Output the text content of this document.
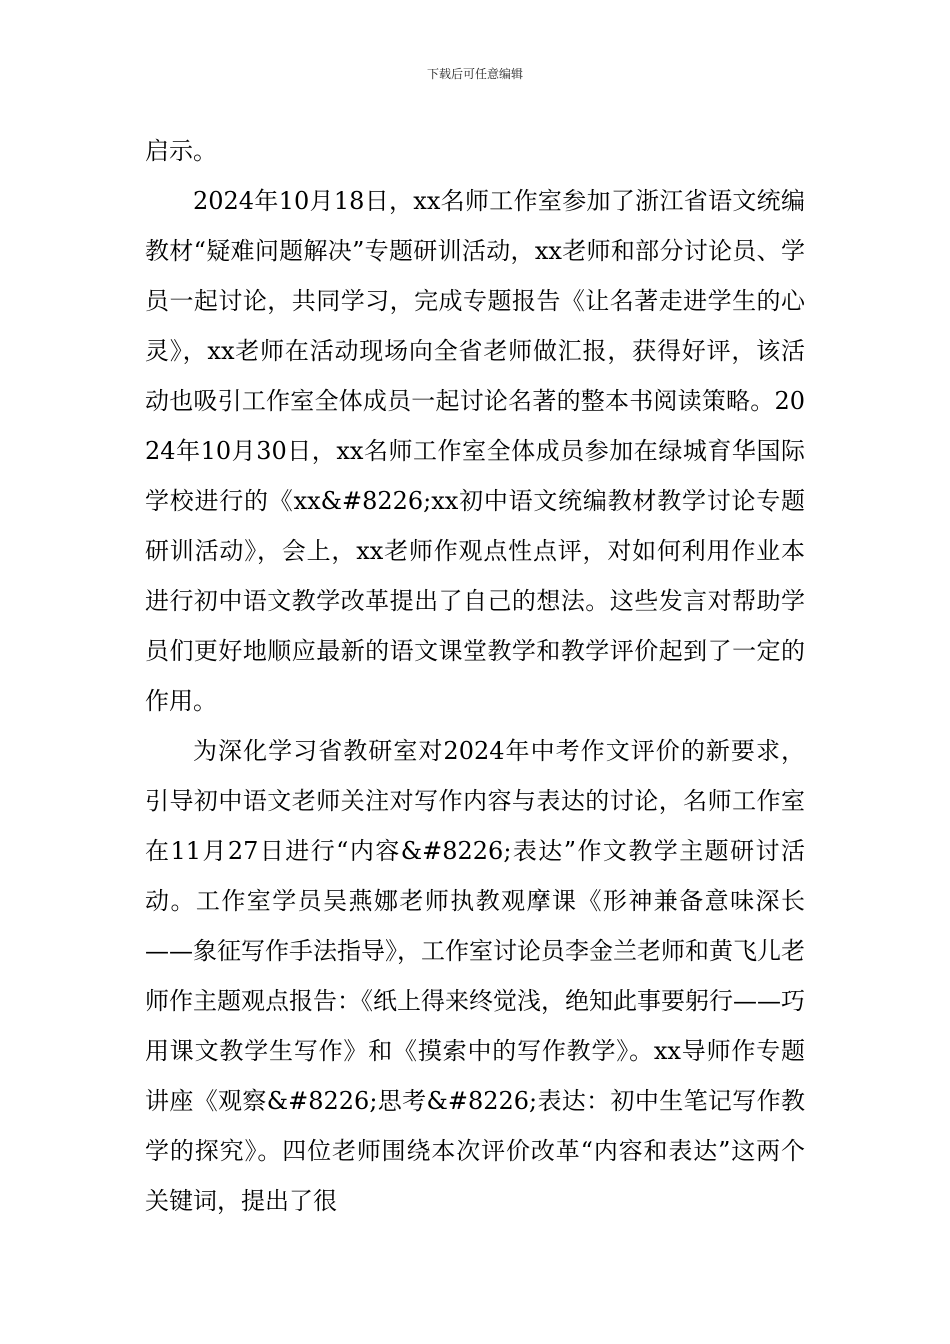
下载后可任意编辑

启示。

2024年10月18日，xx名师工作室参加了浙江省语文统编教材“疑难问题解决”专题研训活动，xx老师和部分讨论员、学员一起讨论，共同学习，完成专题报告《让名著走进学生的心灵》，xx老师在活动现场向全省老师做汇报，获得好评，该活动也吸引工作室全体成员一起讨论名著的整本书阅读策略。2024年10月30日，xx名师工作室全体成员参加在绿城育华国际学校进行的《xx&#8226;xx初中语文统编教材教学讨论专题研训活动》，会上，xx老师作观点性点评，对如何利用作业本进行初中语文教学改革提出了自己的想法。这些发言对帮助学员们更好地顺应最新的语文课堂教学和教学评价起到了一定的作用。

为深化学习省教研室对2024年中考作文评价的新要求，引导初中语文老师关注对写作内容与表达的讨论，名师工作室在11月27日进行“内容&#8226;表达”作文教学主题研讨活动。工作室学员吴燕娜老师执教观摩课《形神兼备意味深长——象征写作手法指导》，工作室讨论员李金兰老师和黄飞儿老师作主题观点报告：《纸上得来终觉浅，绝知此事要躬行——巧用课文教学生写作》和《摸索中的写作教学》。xx导师作专题讲座《观察&#8226;思考&#8226;表达：初中生笔记写作教学的探究》。四位老师围绕本次评价改革“内容和表达”这两个关键词，提出了很
